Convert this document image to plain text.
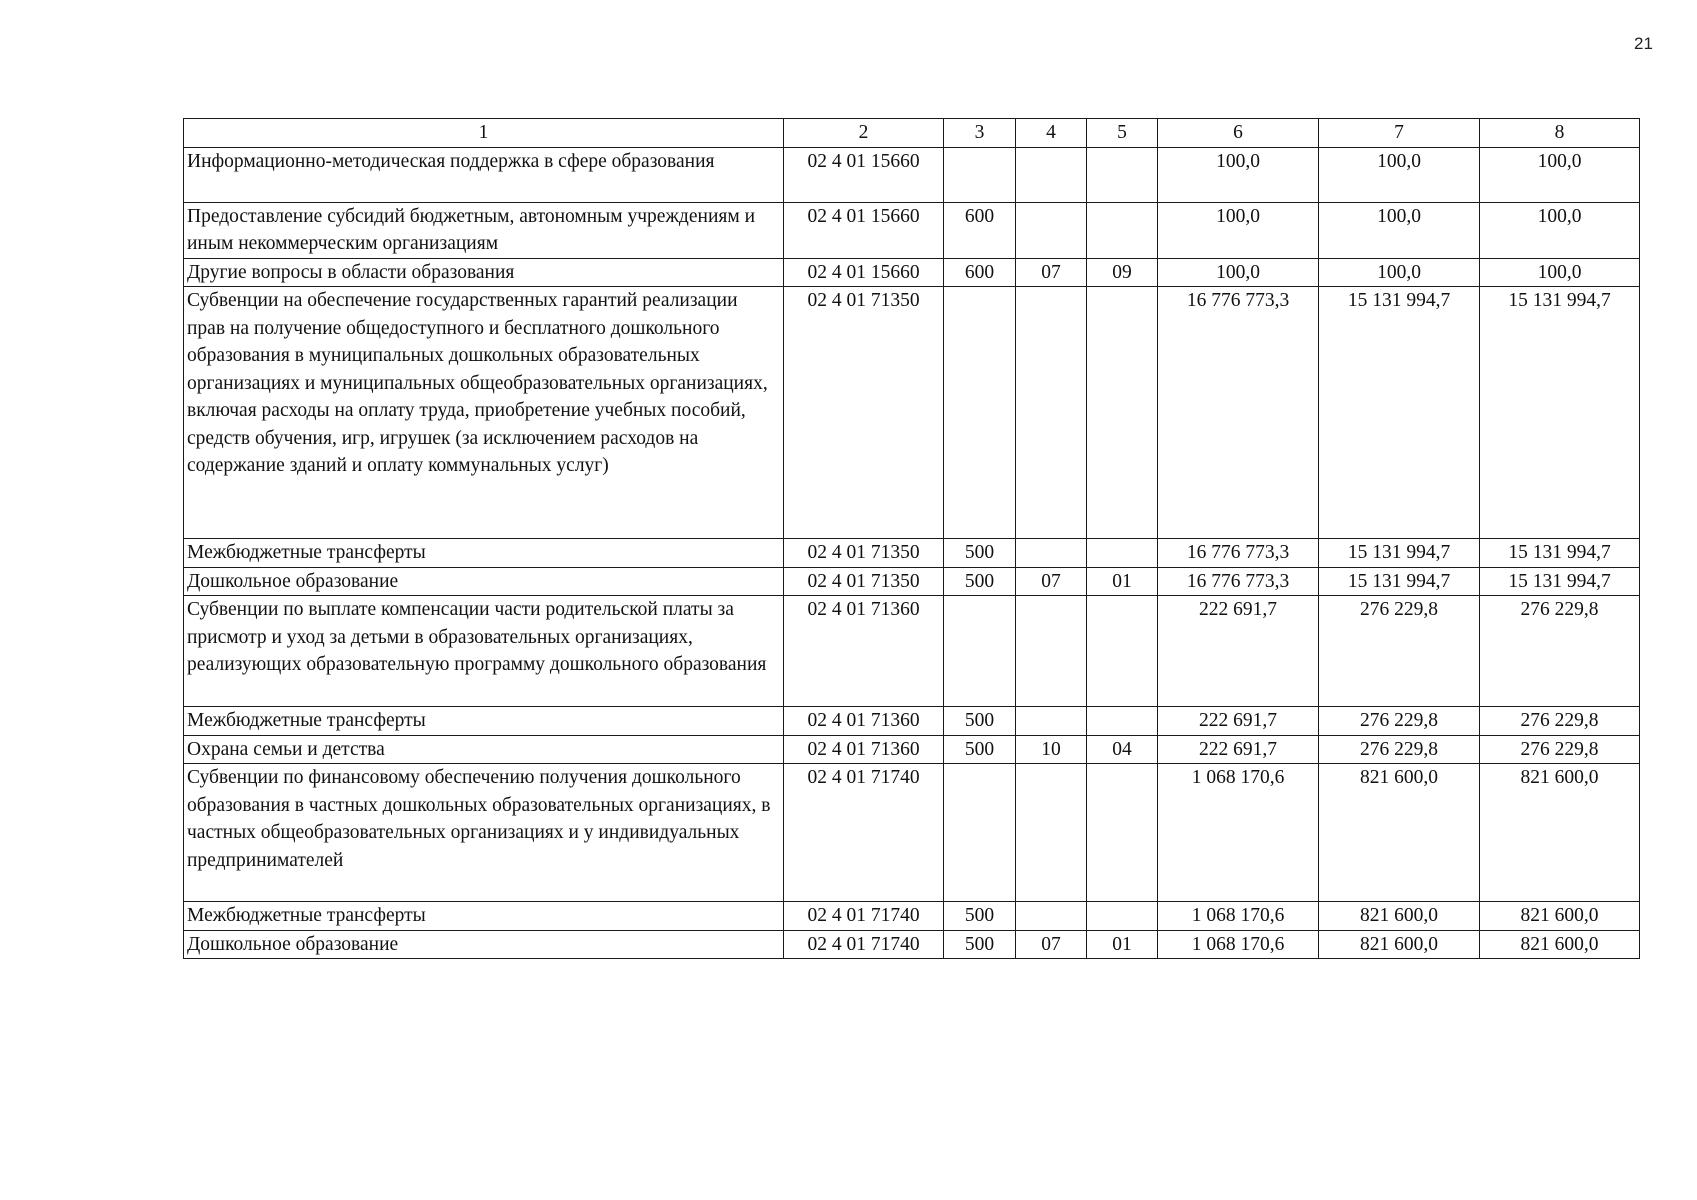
21
1	2	3	4	5	6	7	8
Информационно-методическая поддержка в сфере образования	02 4 01 15660				100,0	100,0	100,0
Предоставление субсидий бюджетным, автономным учреждениям и иным некоммерческим организациям	02 4 01 15660	600			100,0	100,0	100,0
Другие вопросы в области образования	02 4 01 15660	600	07	09	100,0	100,0	100,0
Субвенции на обеспечение государственных гарантий реализации прав на получение общедоступного и бесплатного дошкольного образования в муниципальных дошкольных образовательных организациях и муниципальных общеобразовательных организациях, включая расходы на оплату труда, приобретение учебных пособий, средств обучения, игр, игрушек (за исключением расходов на содержание зданий и оплату коммунальных услуг)	02 4 01 71350				16 776 773,3	15 131 994,7	15 131 994,7
Межбюджетные трансферты	02 4 01 71350	500			16 776 773,3	15 131 994,7	15 131 994,7
Дошкольное образование	02 4 01 71350	500	07	01	16 776 773,3	15 131 994,7	15 131 994,7
Субвенции по выплате компенсации части родительской платы за присмотр и уход за детьми в образовательных организациях, реализующих образовательную программу дошкольного образования	02 4 01 71360				222 691,7	276 229,8	276 229,8
Межбюджетные трансферты	02 4 01 71360	500			222 691,7	276 229,8	276 229,8
Охрана семьи и детства	02 4 01 71360	500	10	04	222 691,7	276 229,8	276 229,8
Субвенции по финансовому обеспечению получения дошкольного образования в частных дошкольных образовательных организациях, в частных общеобразовательных организациях и у индивидуальных предпринимателей	02 4 01 71740				1 068 170,6	821 600,0	821 600,0
Межбюджетные трансферты	02 4 01 71740	500			1 068 170,6	821 600,0	821 600,0
Дошкольное образование	02 4 01 71740	500	07	01	1 068 170,6	821 600,0	821 600,0
